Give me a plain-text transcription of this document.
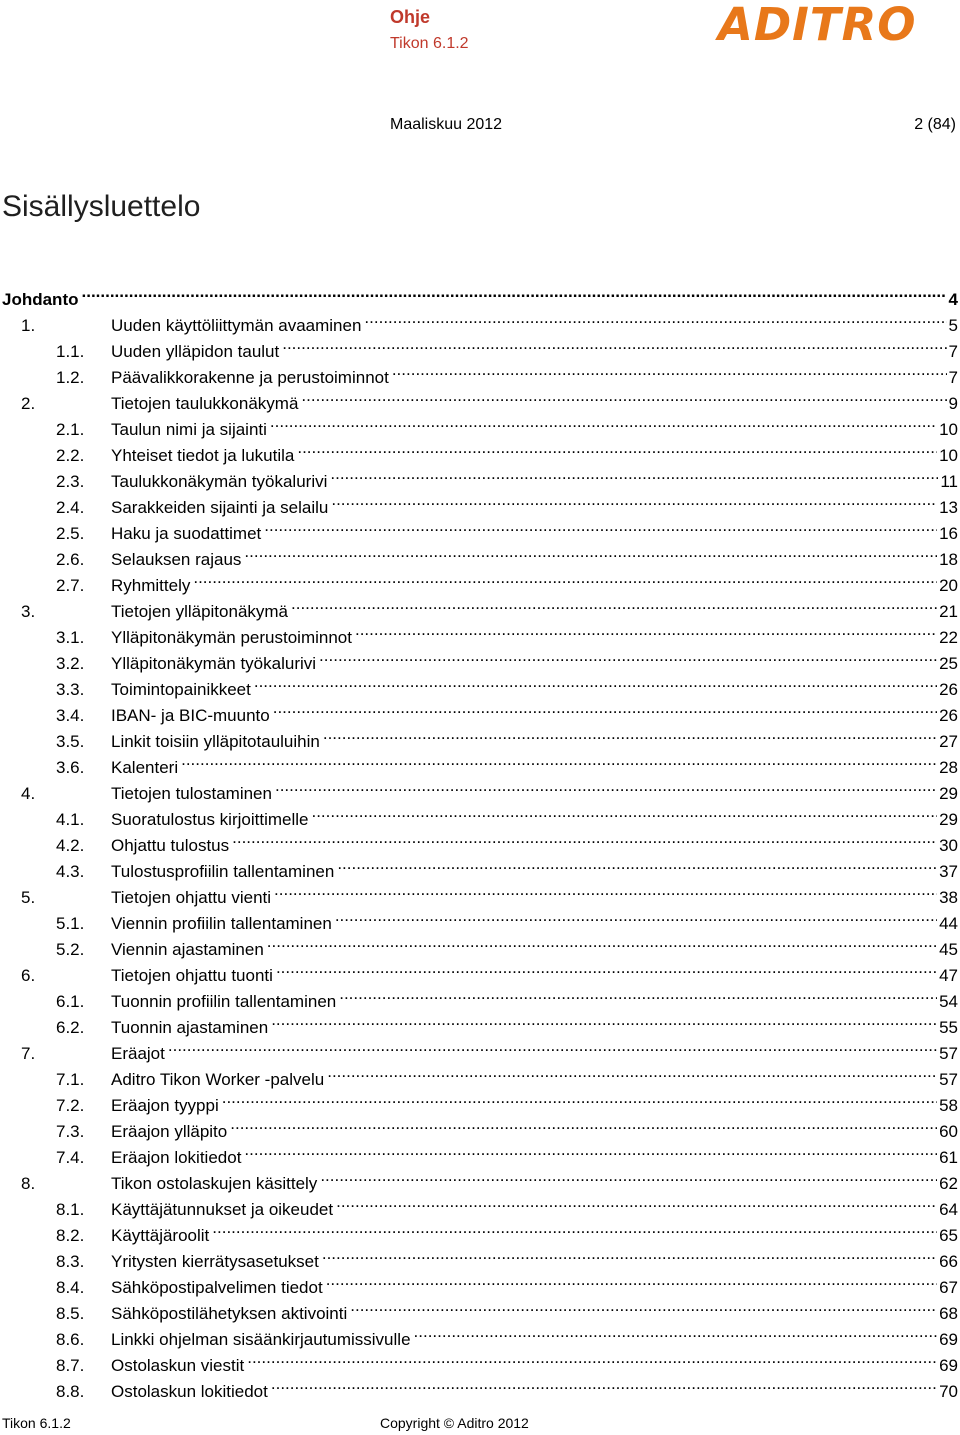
Ohje
Tikon 6.1.2	ADITRO
Maaliskuu 2012	2 (84)
Sisällysluettelo
Johdanto .....	4
1.	Uuden käyttöliittymän avaaminen .....	5
1.1.	Uuden ylläpidon taulut .....	7
1.2.	Päävalikkorakenne ja perustoiminnot .....	7
2.	Tietojen taulukkonäkymä .....	9
2.1.	Taulun nimi ja sijainti .....	10
2.2.	Yhteiset tiedot ja lukutila .....	10
2.3.	Taulukkonäkymän työkalurivi .....	11
2.4.	Sarakkeiden sijainti ja selailu .....	13
2.5.	Haku ja suodattimet .....	16
2.6.	Selauksen rajaus .....	18
2.7.	Ryhmittely .....	20
3.	Tietojen ylläpitonäkymä .....	21
3.1.	Ylläpitonäkymän perustoiminnot .....	22
3.2.	Ylläpitonäkymän työkalurivi .....	25
3.3.	Toimintopainikkeet .....	26
3.4.	IBAN- ja BIC-muunto .....	26
3.5.	Linkit toisiin ylläpitotauluihin .....	27
3.6.	Kalenteri .....	28
4.	Tietojen tulostaminen .....	29
4.1.	Suoratulostus kirjoittimelle .....	29
4.2.	Ohjattu tulostus .....	30
4.3.	Tulostusprofiilin tallentaminen .....	37
5.	Tietojen ohjattu vienti .....	38
5.1.	Viennin profiilin tallentaminen .....	44
5.2.	Viennin ajastaminen .....	45
6.	Tietojen ohjattu tuonti .....	47
6.1.	Tuonnin profiilin tallentaminen .....	54
6.2.	Tuonnin ajastaminen .....	55
7.	Eräajot .....	57
7.1.	Aditro Tikon Worker -palvelu .....	57
7.2.	Eräajon tyyppi .....	58
7.3.	Eräajon ylläpito .....	60
7.4.	Eräajon lokitiedot .....	61
8.	Tikon ostolaskujen käsittely .....	62
8.1.	Käyttäjätunnukset ja oikeudet .....	64
8.2.	Käyttäjäroolit .....	65
8.3.	Yritysten kierrätysasetukset .....	66
8.4.	Sähköpostipalvelimen tiedot .....	67
8.5.	Sähköpostilähetyksen aktivointi .....	68
8.6.	Linkki ohjelman sisäänkirjautumissivulle .....	69
8.7.	Ostolaskun viestit .....	69
8.8.	Ostolaskun lokitiedot .....	70
Tikon 6.1.2	Copyright © Aditro 2012
